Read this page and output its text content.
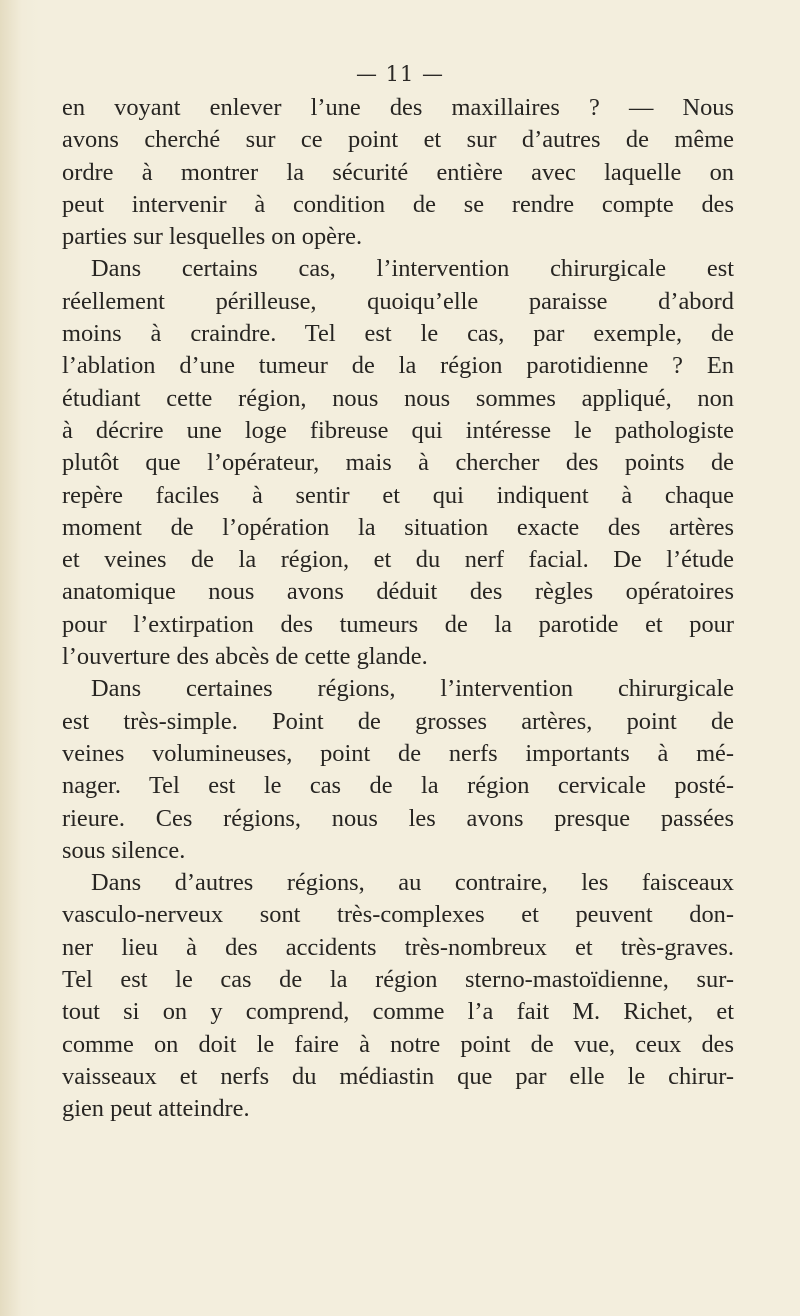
— 11 —
en voyant enlever l’une des maxillaires ? — Nous
avons cherché sur ce point et sur d’autres de même
ordre à montrer la sécurité entière avec laquelle on
peut intervenir à condition de se rendre compte des
parties sur lesquelles on opère.
Dans certains cas, l’intervention chirurgicale est
réellement périlleuse, quoiqu’elle paraisse d’abord
moins à craindre. Tel est le cas, par exemple, de
l’ablation d’une tumeur de la région parotidienne ? En
étudiant cette région, nous nous sommes appliqué, non
à décrire une loge fibreuse qui intéresse le pathologiste
plutôt que l’opérateur, mais à chercher des points de
repère faciles à sentir et qui indiquent à chaque
moment de l’opération la situation exacte des artères
et veines de la région, et du nerf facial. De l’étude
anatomique nous avons déduit des règles opératoires
pour l’extirpation des tumeurs de la parotide et pour
l’ouverture des abcès de cette glande.
Dans certaines régions, l’intervention chirurgicale
est très-simple. Point de grosses artères, point de
veines volumineuses, point de nerfs importants à mé-
nager. Tel est le cas de la région cervicale posté-
rieure. Ces régions, nous les avons presque passées
sous silence.
Dans d’autres régions, au contraire, les faisceaux
vasculo-nerveux sont très-complexes et peuvent don-
ner lieu à des accidents très-nombreux et très-graves.
Tel est le cas de la région sterno-mastoïdienne, sur-
tout si on y comprend, comme l’a fait M. Richet, et
comme on doit le faire à notre point de vue, ceux des
vaisseaux et nerfs du médiastin que par elle le chirur-
gien peut atteindre.
